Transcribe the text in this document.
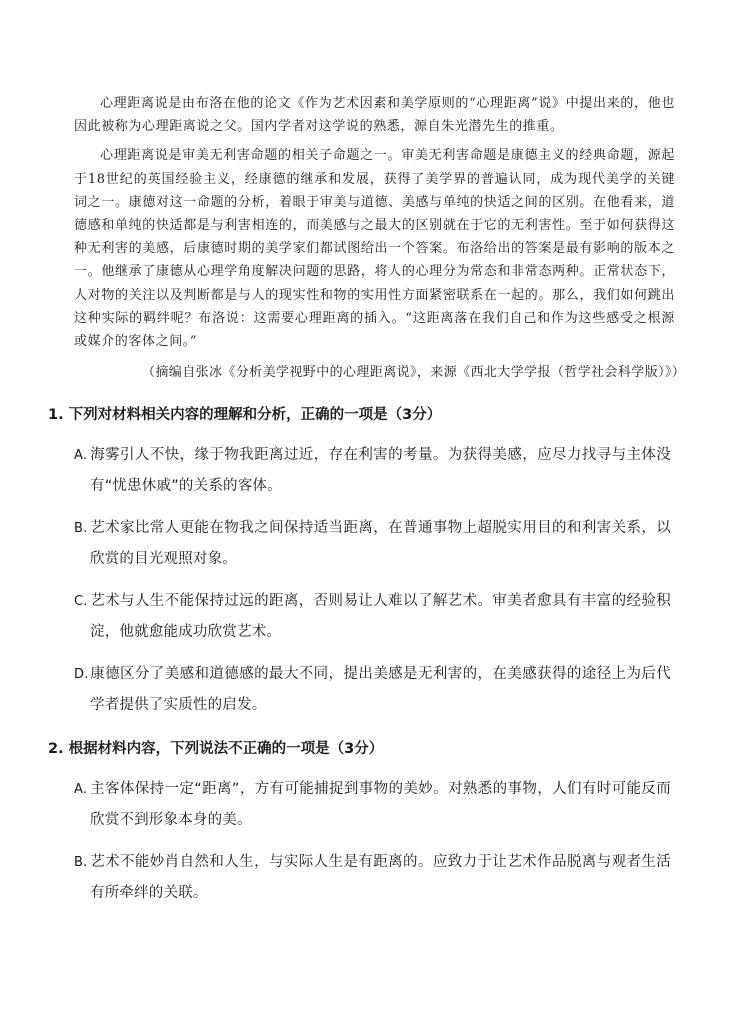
心理距离说是由布洛在他的论文《作为艺术因素和美学原则的“心理距离”说》中提出来的，他也因此被称为心理距离说之父。国内学者对这学说的熟悉，源自朱光潜先生的推重。

心理距离说是审美无利害命题的相关子命题之一。审美无利害命题是康德主义的经典命题，源起于18世纪的英国经验主义，经康德的继承和发展，获得了美学界的普遍认同，成为现代美学的关键词之一。康德对这一命题的分析，着眼于审美与道德、美感与单纯的快适之间的区别。在他看来，道德感和单纯的快适都是与利害相连的，而美感与之最大的区别就在于它的无利害性。至于如何获得这种无利害的美感，后康德时期的美学家们都试图给出一个答案。布洛给出的答案是最有影响的版本之一。他继承了康德从心理学角度解决问题的思路，将人的心理分为常态和非常态两种。正常状态下，人对物的关注以及判断都是与人的现实性和物的实用性方面紧密联系在一起的。那么，我们如何跳出这种实际的羁绊呢？布洛说：这需要心理距离的插入。“这距离落在我们自己和作为这些感受之根源或媒介的客体之间。”

（摘编自张冰《分析美学视野中的心理距离说》，来源《西北大学学报（哲学社会科学版）》）
1. 下列对材料相关内容的理解和分析，正确的一项是（3分）
A. 海雾引人不快，缘于物我距离过近，存在利害的考量。为获得美感，应尽力找寻与主体没有“忧患休戚”的关系的客体。
B. 艺术家比常人更能在物我之间保持适当距离，在普通事物上超脱实用目的和利害关系，以欣赏的目光观照对象。
C. 艺术与人生不能保持过远的距离，否则易让人难以了解艺术。审美者愈具有丰富的经验积淀，他就愈能成功欣赏艺术。
D.康德区分了美感和道德感的最大不同，提出美感是无利害的，在美感获得的途径上为后代学者提供了实质性的启发。
2. 根据材料内容，下列说法不正确的一项是（3分）
A. 主客体保持一定“距离”，方有可能捕捉到事物的美妙。对熟悉的事物，人们有时可能反而欣赏不到形象本身的美。
B. 艺术不能妙肖自然和人生，与实际人生是有距离的。应致力于让艺术作品脱离与观者生活有所牵绊的关联。
